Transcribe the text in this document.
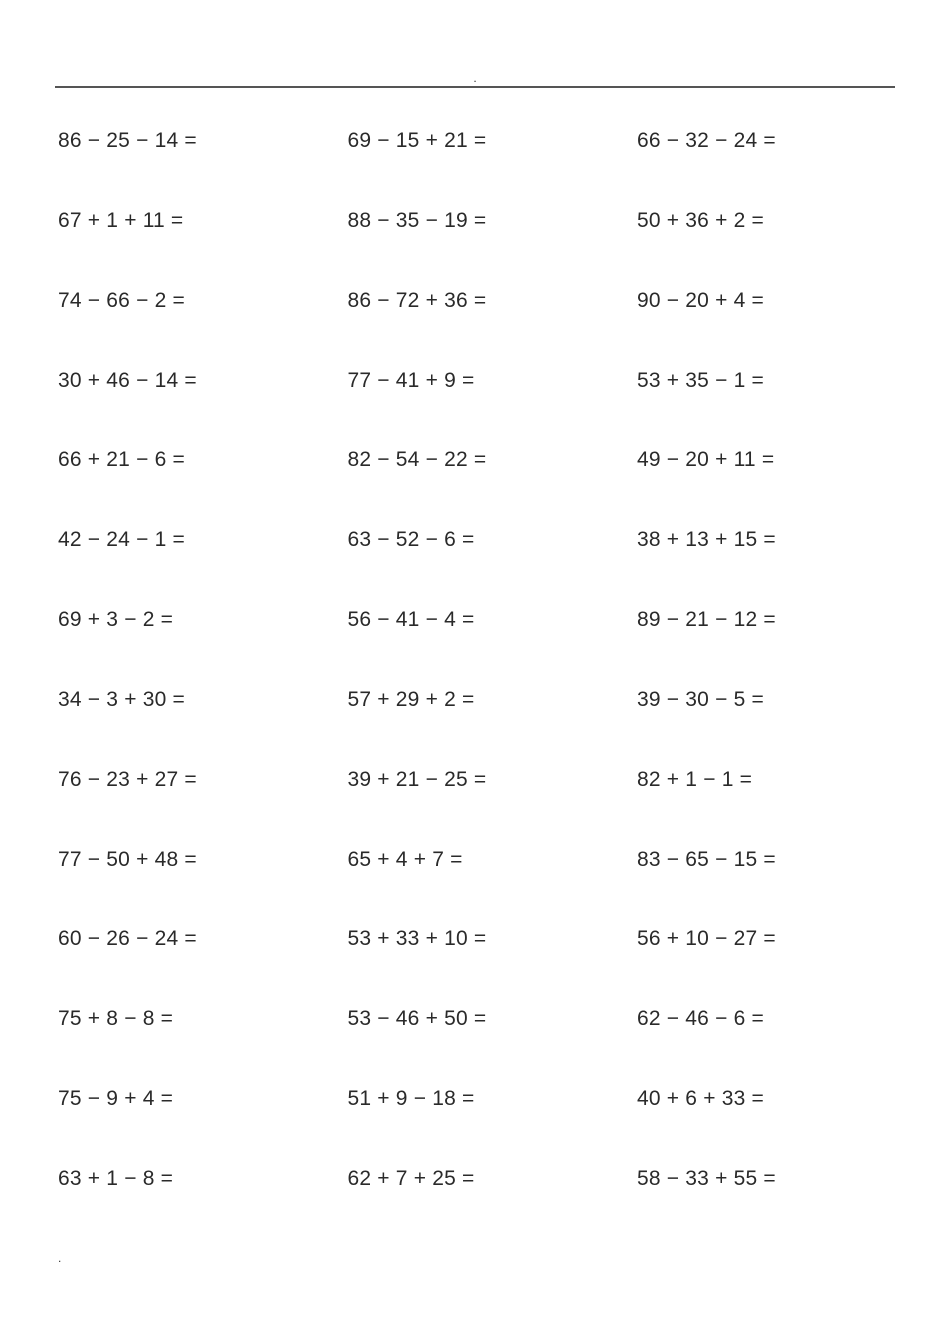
.
86 − 25 − 14 =	69 − 15 + 21 =	66 − 32 − 24 =
67 + 1 + 11 =	88 − 35 − 19 =	50 + 36 + 2 =
74 − 66 − 2 =	86 − 72 + 36 =	90 − 20 + 4 =
30 + 46 − 14 =	77 − 41 + 9 =	53 + 35 − 1 =
66 + 21 − 6 =	82 − 54 − 22 =	49 − 20 + 11 =
42 − 24 − 1 =	63 − 52 − 6 =	38 + 13 + 15 =
69 + 3 − 2 =	56 − 41 − 4 =	89 − 21 − 12 =
34 − 3 + 30 =	57 + 29 + 2 =	39 − 30 − 5 =
76 − 23 + 27 =	39 + 21 − 25 =	82 + 1 − 1 =
77 − 50 + 48 =	65 + 4 + 7 =	83 − 65 − 15 =
60 − 26 − 24 =	53 + 33 + 10 =	56 + 10 − 27 =
75 + 8 − 8 =	53 − 46 + 50 =	62 − 46 − 6 =
75 − 9 + 4 =	51 + 9 − 18 =	40 + 6 + 33 =
63 + 1 − 8 =	62 + 7 + 25 =	58 − 33 + 55 =
.
